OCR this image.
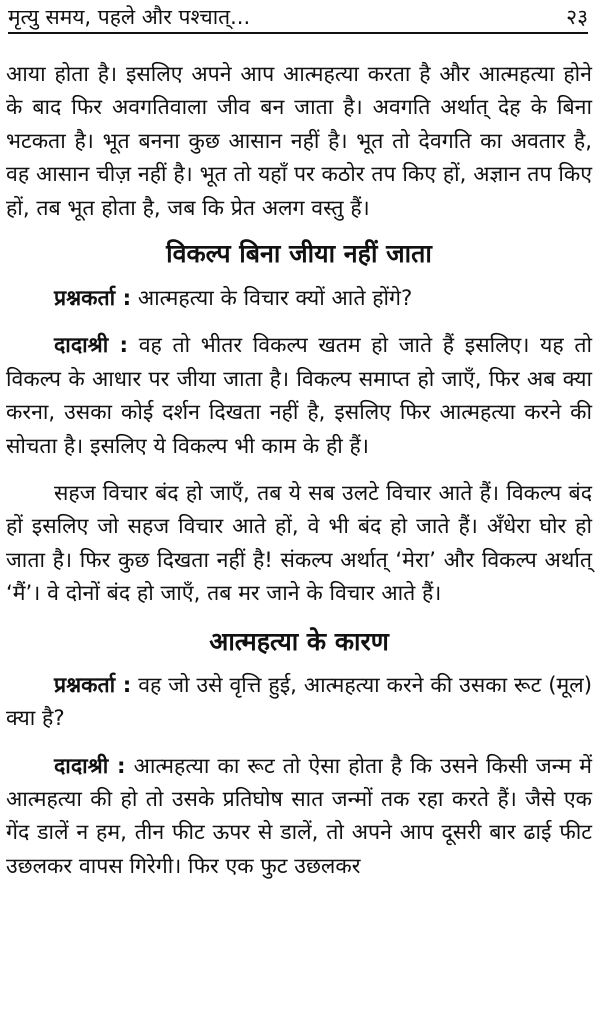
मृत्यु समय, पहले और पश्चात्...	२३

आया होता है। इसलिए अपने आप आत्महत्या करता है और आत्महत्या होने के बाद फिर अवगतिवाला जीव बन जाता है। अवगति अर्थात् देह के बिना भटकता है। भूत बनना कुछ आसान नहीं है। भूत तो देवगति का अवतार है, वह आसान चीज़ नहीं है। भूत तो यहाँ पर कठोर तप किए हों, अज्ञान तप किए हों, तब भूत होता है, जब कि प्रेत अलग वस्तु हैं।

विकल्प बिना जीया नहीं जाता

प्रश्नकर्ता : आत्महत्या के विचार क्यों आते होंगे?

दादाश्री : वह तो भीतर विकल्प खतम हो जाते हैं इसलिए। यह तो विकल्प के आधार पर जीया जाता है। विकल्प समाप्त हो जाएँ, फिर अब क्या करना, उसका कोई दर्शन दिखता नहीं है, इसलिए फिर आत्महत्या करने की सोचता है। इसलिए ये विकल्प भी काम के ही हैं।

सहज विचार बंद हो जाएँ, तब ये सब उलटे विचार आते हैं। विकल्प बंद हों इसलिए जो सहज विचार आते हों, वे भी बंद हो जाते हैं। अँधेरा घोर हो जाता है। फिर कुछ दिखता नहीं है! संकल्प अर्थात् ‘मेरा’ और विकल्प अर्थात् ‘मैं’। वे दोनों बंद हो जाएँ, तब मर जाने के विचार आते हैं।

आत्महत्या के कारण

प्रश्नकर्ता : वह जो उसे वृत्ति हुई, आत्महत्या करने की उसका रूट (मूल) क्या है?

दादाश्री : आत्महत्या का रूट तो ऐसा होता है कि उसने किसी जन्म में आत्महत्या की हो तो उसके प्रतिघोष सात जन्मों तक रहा करते हैं। जैसे एक गेंद डालें न हम, तीन फीट ऊपर से डालें, तो अपने आप दूसरी बार ढाई फीट उछलकर वापस गिरेगी। फिर एक फुट उछलकर
